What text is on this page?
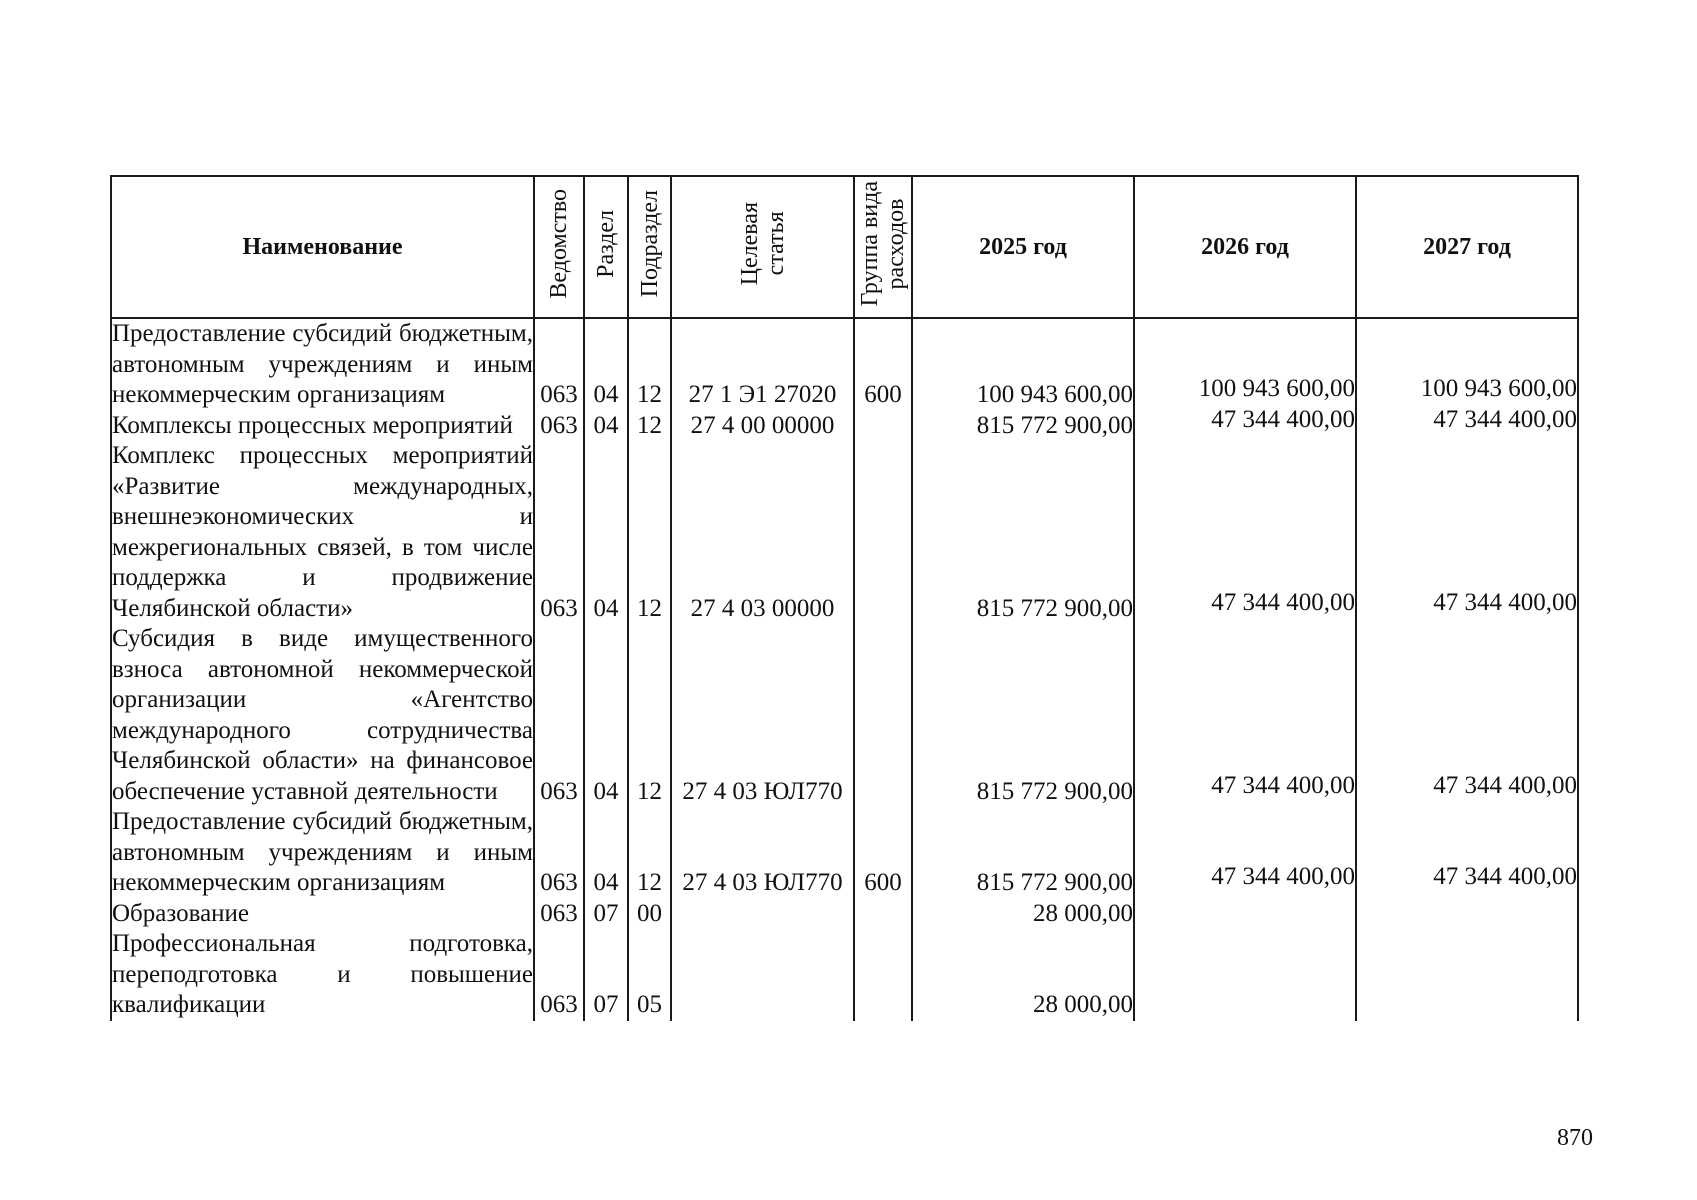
Наименование	Ведомство	Раздел	Подраздел	Целевая
статья	Группа вида
расходов	2025 год	2026 год	2027 год
Предоставление субсидий бюджетным, автономным учреждениям и иным некоммерческим организациям	063	04	12	27 1 Э1 27020	600	100 943 600,00	100 943 600,00	100 943 600,00
Комплексы процессных мероприятий	063	04	12	27 4 00 00000		815 772 900,00	47 344 400,00	47 344 400,00
Комплекс процессных мероприятий «Развитие международных, внешнеэкономических и межрегиональных связей, в том числе поддержка и продвижение Челябинской области»	063	04	12	27 4 03 00000		815 772 900,00	47 344 400,00	47 344 400,00
Субсидия в виде имущественного взноса автономной некоммерческой организации «Агентство международного сотрудничества Челябинской области» на финансовое обеспечение уставной деятельности	063	04	12	27 4 03 ЮЛ770		815 772 900,00	47 344 400,00	47 344 400,00
Предоставление субсидий бюджетным, автономным учреждениям и иным некоммерческим организациям	063	04	12	27 4 03 ЮЛ770	600	815 772 900,00	47 344 400,00	47 344 400,00
Образование	063	07	00			28 000,00		
Профессиональная подготовка, переподготовка и повышение квалификации	063	07	05			28 000,00		
870
